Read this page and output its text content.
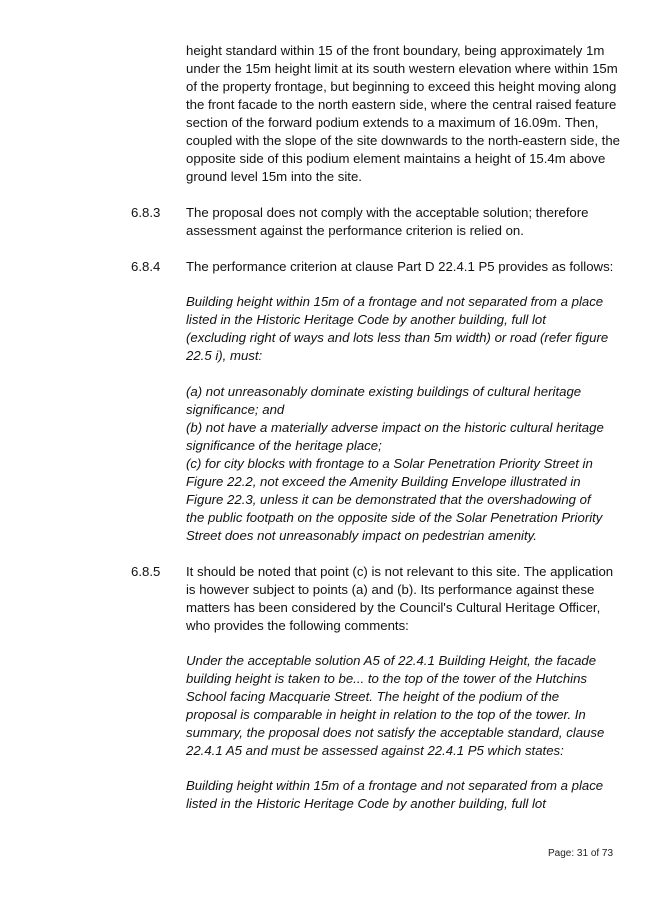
height standard within 15 of the front boundary, being approximately 1m
under the 15m height limit at its south western elevation where within 15m
of the property frontage, but beginning to exceed this height moving along
the front facade to the north eastern side, where the central raised feature
section of the forward podium extends to a maximum of 16.09m. Then,
coupled with the slope of the site downwards to the north-eastern side, the
opposite side of this podium element maintains a height of 15.4m above
ground level 15m into the site.
6.8.3 The proposal does not comply with the acceptable solution; therefore
assessment against the performance criterion is relied on.
6.8.4 The performance criterion at clause Part D 22.4.1 P5 provides as follows:
Building height within 15m of a frontage and not separated from a place
listed in the Historic Heritage Code by another building, full lot
(excluding right of ways and lots less than 5m width) or road (refer figure
22.5 i), must:
(a) not unreasonably dominate existing buildings of cultural heritage
significance; and
(b) not have a materially adverse impact on the historic cultural heritage
significance of the heritage place;
(c) for city blocks with frontage to a Solar Penetration Priority Street in
Figure 22.2, not exceed the Amenity Building Envelope illustrated in
Figure 22.3, unless it can be demonstrated that the overshadowing of
the public footpath on the opposite side of the Solar Penetration Priority
Street does not unreasonably impact on pedestrian amenity.
6.8.5 It should be noted that point (c) is not relevant to this site. The application
is however subject to points (a) and (b). Its performance against these
matters has been considered by the Council's Cultural Heritage Officer,
who provides the following comments:
Under the acceptable solution A5 of 22.4.1 Building Height, the facade
building height is taken to be... to the top of the tower of the Hutchins
School facing Macquarie Street. The height of the podium of the
proposal is comparable in height in relation to the top of the tower. In
summary, the proposal does not satisfy the acceptable standard, clause
22.4.1 A5 and must be assessed against 22.4.1 P5 which states:
Building height within 15m of a frontage and not separated from a place
listed in the Historic Heritage Code by another building, full lot
Page: 31 of 73
